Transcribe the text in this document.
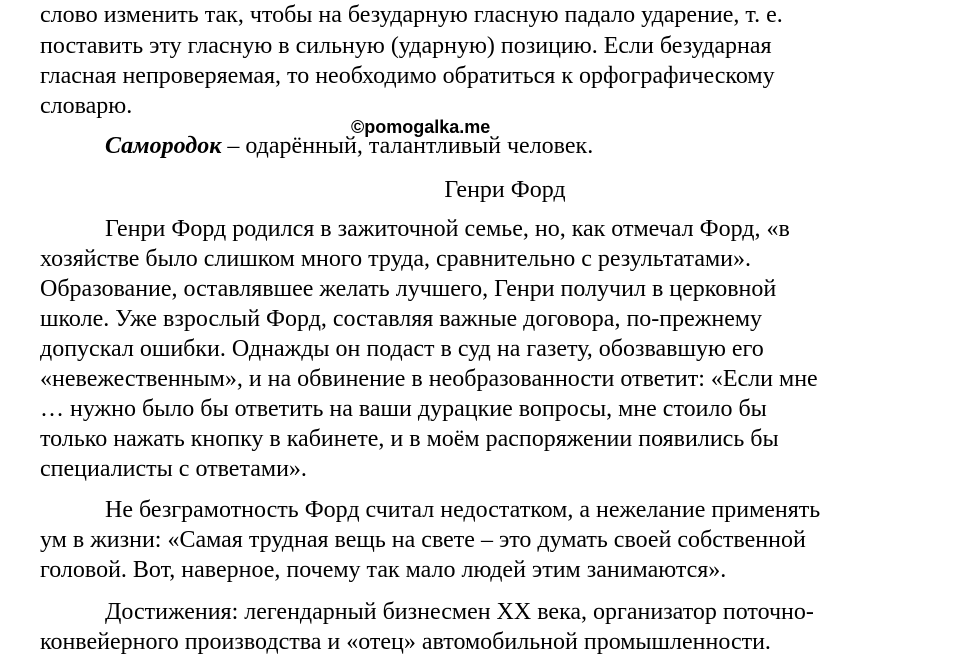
слово изменить так, чтобы на безударную гласную падало ударение, т. е.
поставить эту гласную в сильную (ударную) позицию. Если безударная
гласная непроверяемая, то необходимо обратиться к орфографическому
словарю.
©pomogalka.me
Самородок – одарённый, талантливый человек.
Генри Форд
Генри Форд родился в зажиточной семье, но, как отмечал Форд, «в
хозяйстве было слишком много труда, сравнительно с результатами».
Образование, оставлявшее желать лучшего, Генри получил в церковной
школе. Уже взрослый Форд, составляя важные договора, по-прежнему
допускал ошибки. Однажды он подаст в суд на газету, обозвавшую его
«невежественным», и на обвинение в необразованности ответит: «Если мне
… нужно было бы ответить на ваши дурацкие вопросы, мне стоило бы
только нажать кнопку в кабинете, и в моём распоряжении появились бы
специалисты с ответами».
Не безграмотность Форд считал недостатком, а нежелание применять
ум в жизни: «Самая трудная вещь на свете – это думать своей собственной
головой. Вот, наверное, почему так мало людей этим занимаются».
Достижения: легендарный бизнесмен XX века, организатор поточно-
конвейерного производства и «отец» автомобильной промышленности.
